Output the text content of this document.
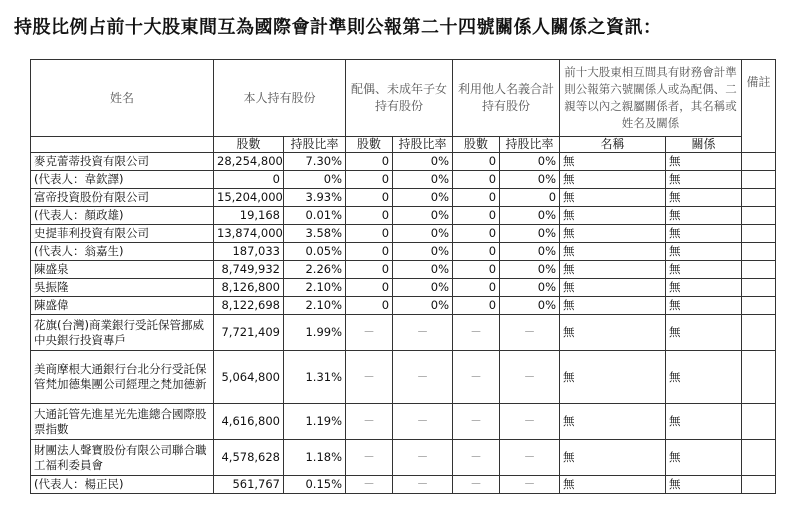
持股比例占前十大股東間互為國際會計準則公報第二十四號關係人關係之資訊：
姓名	本人持有股份		配偶、未成年子女持有股份		利用他人名義合計持有股份		前十大股東相互間具有財務會計準則公報第六號關係人或為配偶、二親等以內之親屬關係者，其名稱或姓名及關係		備註
	股數	持股比率	股數	持股比率	股數	持股比率	名稱	關係	
麥克蕾蒂投資有限公司	28,254,800	7.30%	0	0%	0	0%	無	無	
(代表人：韋欽譯)	0	0%	0	0%	0	0%	無	無	
富帝投資股份有限公司	15,204,000	3.93%	0	0%	0	0	無	無	
(代表人：顏政雄)	19,168	0.01%	0	0%	0	0%	無	無	
史提菲利投資有限公司	13,874,000	3.58%	0	0%	0	0%	無	無	
(代表人：翁嘉生)	187,033	0.05%	0	0%	0	0%	無	無	
陳盛泉	8,749,932	2.26%	0	0%	0	0%	無	無	
吳振隆	8,126,800	2.10%	0	0%	0	0%	無	無	
陳盛偉	8,122,698	2.10%	0	0%	0	0%	無	無	
花旗(台灣)商業銀行受託保管挪威中央銀行投資專戶	7,721,409	1.99%	－	－	－	－	無	無	
美商摩根大通銀行台北分行受託保管梵加德集團公司經理之梵加德新	5,064,800	1.31%	－	－	－	－	無	無	
大通託管先進星光先進總合國際股票指數	4,616,800	1.19%	－	－	－	－	無	無	
財團法人聲寶股份有限公司聯合職工福利委員會	4,578,628	1.18%	－	－	－	－	無	無	
(代表人：楊正民)	561,767	0.15%	－	－	－	－	無	無	
